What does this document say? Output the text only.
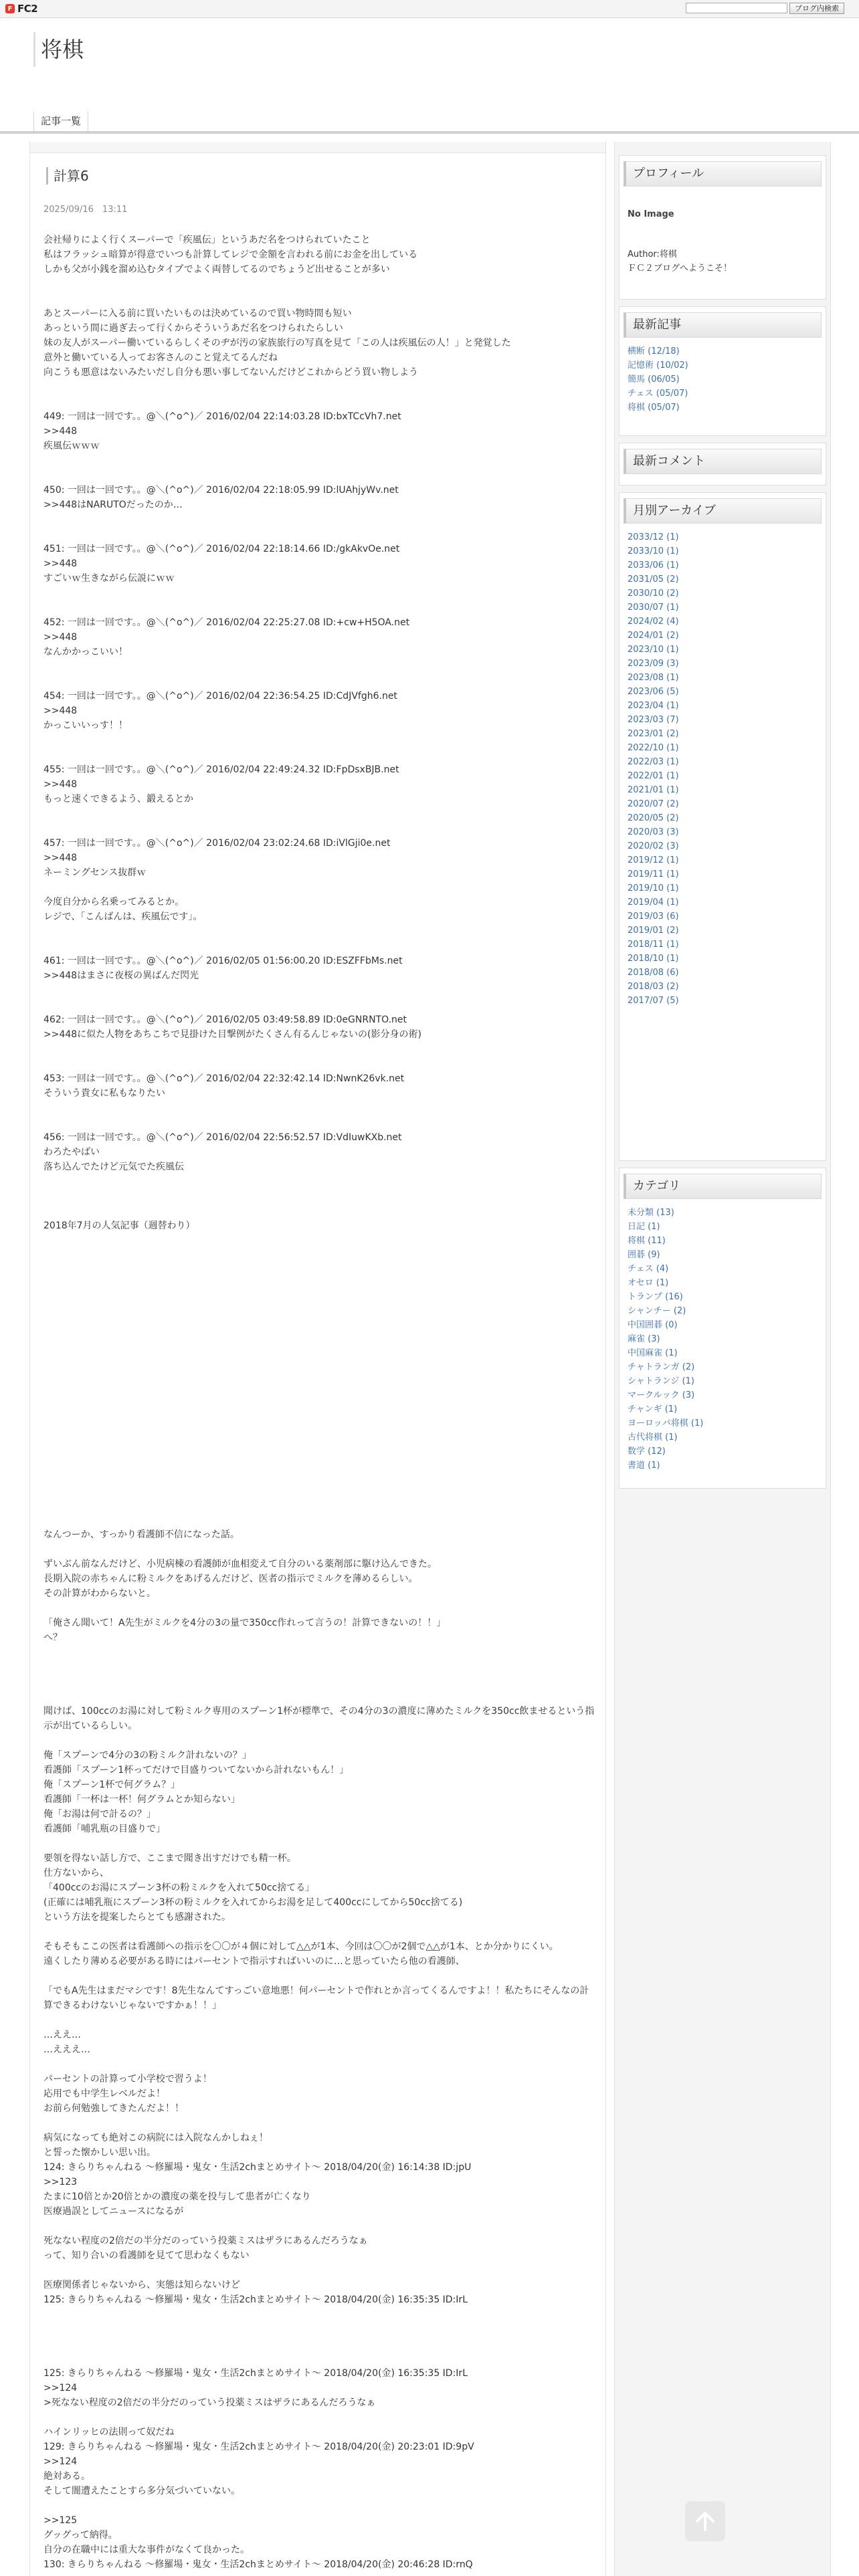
F FC2	ブログ内検索
将棋
記事一覧
計算6
2025/09/16　13:11

会社帰りによく行くスーパーで「疾風伝」というあだ名をつけられていたこと
私はフラッシュ暗算が得意でいつも計算してレジで金額を言われる前にお金を出している
しかも父が小銭を溜め込むタイプでよく両替してるのでちょうど出せることが多い

あとスーパーに入る前に買いたいものは決めているので買い物時間も短い
あっという間に過ぎ去って行くからそういうあだ名をつけられたらしい
妹の友人がスーパー働いているらしくそのヂが汚の家族旅行の写真を見て「この人は疾風伝の人！」と発覚した
意外と働いている人ってお客さんのこと覚えてるんだね
向こうも悪意はないみたいだし自分も悪い事してないんだけどこれからどう買い物しよう

449: 一回は一回です。。@＼(^o^)／ 2016/02/04 22:14:03.28 ID:bxTCcVh7.net
>>448
疾風伝ｗｗｗ

450: 一回は一回です。。@＼(^o^)／ 2016/02/04 22:18:05.99 ID:lUAhjyWv.net
>>448はNARUTOだったのか…

451: 一回は一回です。。@＼(^o^)／ 2016/02/04 22:18:14.66 ID:/gkAkvOe.net
>>448
すごいｗ生きながら伝説にｗｗ

452: 一回は一回です。。@＼(^o^)／ 2016/02/04 22:25:27.08 ID:+cw+H5OA.net
>>448
なんかかっこいい！

454: 一回は一回です。。@＼(^o^)／ 2016/02/04 22:36:54.25 ID:CdJVfgh6.net
>>448
かっこいいっす！！

455: 一回は一回です。。@＼(^o^)／ 2016/02/04 22:49:24.32 ID:FpDsxBJB.net
>>448
もっと速くできるよう、鍛えるとか

457: 一回は一回です。。@＼(^o^)／ 2016/02/04 23:02:24.68 ID:iVlGji0e.net
>>448
ネーミングセンス抜群ｗ

今度自分から名乗ってみるとか。
レジで、「こんばんは、疾風伝です」。

461: 一回は一回です。。@＼(^o^)／ 2016/02/05 01:56:00.20 ID:ESZFFbMs.net
>>448はまさに夜桜の異ばんだ閃光

462: 一回は一回です。。@＼(^o^)／ 2016/02/05 03:49:58.89 ID:0eGNRNTO.net
>>448に似た人物をあちこちで見掛けた目撃例がたくさん有るんじゃないの(影分身の術)

453: 一回は一回です。。@＼(^o^)／ 2016/02/04 22:32:42.14 ID:NwnK26vk.net
そういう貴女に私もなりたい

456: 一回は一回です。。@＼(^o^)／ 2016/02/04 22:56:52.57 ID:VdIuwKXb.net
わろたやばい
落ち込んでたけど元気でた疾風伝

2018年7月の人気記事（週替わり）

なんつーか、すっかり看護師不信になった話。

ずいぶん前なんだけど、小児病棟の看護師が血相変えて自分のいる薬剤部に駆け込んできた。
長期入院の赤ちゃんに粉ミルクをあげるんだけど、医者の指示でミルクを薄めるらしい。
その計算がわからないと。

「俺さん聞いて！A先生がミルクを4分の3の量で350cc作れって言うの！計算できないの！！」
へ？

聞けば、100ccのお湯に対して粉ミルク専用のスプーン1杯が標準で、その4分の3の濃度に薄めたミルクを350cc飲ませるという指示が出ているらしい。

俺「スプーンで4分の3の粉ミルク計れないの？」
看護師「スプーン1杯ってだけで目盛りついてないから計れないもん！」
俺「スプーン1杯で何グラム？」
看護師「一杯は一杯！何グラムとか知らない」
俺「お湯は何で計るの？」
看護師「哺乳瓶の目盛りで」

要領を得ない話し方で、ここまで聞き出すだけでも精一杯。
仕方ないから、
「400ccのお湯にスプーン3杯の粉ミルクを入れて50cc捨てる」
(正確には哺乳瓶にスプーン3杯の粉ミルクを入れてからお湯を足して400ccにしてから50cc捨てる)
という方法を提案したらとても感謝された。

そもそもここの医者は看護師への指示を〇〇が４個に対して△△が1本、今回は〇〇が2個で△△が1本、とか分かりにくい。
遠くしたり薄める必要がある時にはパーセントで指示すればいいのに…と思っていたら他の看護師、

「でもA先生はまだマシです！8先生なんてすっごい意地悪！何パーセントで作れとか言ってくるんですよ！！私たちにそんなの計算できるわけないじゃないですかぁ！！」

…ええ…
…えええ…

パーセントの計算って小学校で習うよ！
応用でも中学生レベルだよ！
お前ら何勉強してきたんだよ！！

病気になっても絶対この病院には入院なんかしねぇ！
と誓った懐かしい思い出。
124: きらりちゃんねる 〜修羅場・鬼女・生活2chまとめサイト〜 2018/04/20(金) 16:14:38 ID:jpU
>>123
たまに10倍とか20倍とかの濃度の薬を投与して患者が亡くなり
医療過誤としてニュースになるが

死なない程度の2倍だの半分だのっていう投薬ミスはザラにあるんだろうなぁ
って、知り合いの看護師を見てて思わなくもない

医療関係者じゃないから、実態は知らないけど
125: きらりちゃんねる 〜修羅場・鬼女・生活2chまとめサイト〜 2018/04/20(金) 16:35:35 ID:IrL

125: きらりちゃんねる 〜修羅場・鬼女・生活2chまとめサイト〜 2018/04/20(金) 16:35:35 ID:IrL
>>124
>死なない程度の2倍だの半分だのっていう投薬ミスはザラにあるんだろうなぁ

ハインリッヒの法則って奴だね
129: きらりちゃんねる 〜修羅場・鬼女・生活2chまとめサイト〜 2018/04/20(金) 20:23:01 ID:9pV
>>124
絶対ある。
そして闇遭えたことすら多分気づいていない。

>>125
グッグって納得。
自分の在職中には重大な事件がなくて良かった。
130: きらりちゃんねる 〜修羅場・鬼女・生活2chまとめサイト〜 2018/04/20(金) 20:46:28 ID:rnQ

プロフィール
No Image
Author:将棋
ＦＣ２ブログへようこそ！
最新記事
横断 (12/18)
記憶術 (10/02)
簡馬 (06/05)
チェス (05/07)
将棋 (05/07)
最新コメント
月別アーカイブ
2033/12 (1)
2033/10 (1)
2033/06 (1)
2031/05 (2)
2030/10 (2)
2030/07 (1)
2024/02 (4)
2024/01 (2)
2023/10 (1)
2023/09 (3)
2023/08 (1)
2023/06 (5)
2023/04 (1)
2023/03 (7)
2023/01 (2)
2022/10 (1)
2022/03 (1)
2022/01 (1)
2021/01 (1)
2020/07 (2)
2020/05 (2)
2020/03 (3)
2020/02 (3)
2019/12 (1)
2019/11 (1)
2019/10 (1)
2019/04 (1)
2019/03 (6)
2019/01 (2)
2018/11 (1)
2018/10 (1)
2018/08 (6)
2018/03 (2)
2017/07 (5)
カテゴリ
未分類 (13)
日記 (1)
将棋 (11)
囲碁 (9)
チェス (4)
オセロ (1)
トランプ (16)
シャンチー (2)
中国囲碁 (0)
麻雀 (3)
中国麻雀 (1)
チャトランガ (2)
シャトランジ (1)
マークルック (3)
チャンギ (1)
ヨーロッパ将棋 (1)
古代将棋 (1)
数学 (12)
書道 (1)
